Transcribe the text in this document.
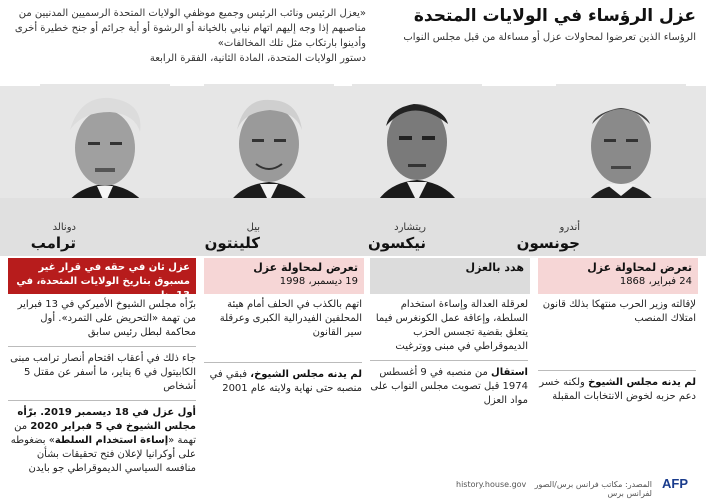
عزل الرؤساء في الولايات المتحدة
الرؤساء الذين تعرضوا لمحاولات عزل أو مساءلة من قبل مجلس النواب
«يعزل الرئيس ونائب الرئيس وجميع موظفي الولايات المتحدة الرسميين المدنيين من مناصبهم إذا وجه إليهم اتهام نيابي بالخيانة أو الرشوة أو أية جرائم أو جنح خطيرة أخرى وأدينوا بارتكاب مثل تلك المخالفات»
دستور الولايات المتحدة، المادة الثانية، الفقرة الرابعة
أندرو
جونسون
ريتشارد
نيكسون
بيل
كلينتون
دونالد
ترامب
تعرض لمحاولة عزل
24 فبراير، 1868
هدد بالعزل
تعرض لمحاولة عزل
19 ديسمبر، 1998
عزل ثان في حقه في قرار غير مسبوق بتاريخ الولايات المتحدة، في 13 يناير
لإقالته وزير الحرب منتهكا بذلك قانون امتلاك المنصب
لم يدنه مجلس الشيوخ ولكنه خسر دعم حزبه لخوض الانتخابات المقبلة
لعرقلة العدالة وإساءة استخدام السلطة، وإعاقة عمل الكونغرس فيما يتعلق بقضية تجسس الحزب الديموقراطي في مبنى ووترغيت
استقال من منصبه في 9 أغسطس 1974 قبل تصويت مجلس النواب على مواد العزل
اتهم بالكذب في الحلف أمام هيئة المحلفين الفيدرالية الكبرى وعرقلة سير القانون
لم يدنه مجلس الشيوخ، فبقي في منصبه حتى نهاية ولايته عام 2001
برّأه مجلس الشيوخ الأميركي في 13 فبراير من تهمة «التحريض على التمرد». أول محاكمة لبطل رئيس سابق
جاء ذلك في أعقاب اقتحام أنصار ترامب مبنى الكابيتول في 6 يناير، ما أسفر عن مقتل 5 أشخاص
أول عزل في 18 ديسمبر 2019. برّأه مجلس الشيوخ في 5 فبراير 2020 من تهمة «إساءة استخدام السلطة» بضغوطه على أوكرانيا لإعلان فتح تحقيقات بشأن منافسه السياسي الديموقراطي جو بايدن
المصدر: مكاتب فرانس برس/الصور لفرانس برس
history.house.gov	AFP
